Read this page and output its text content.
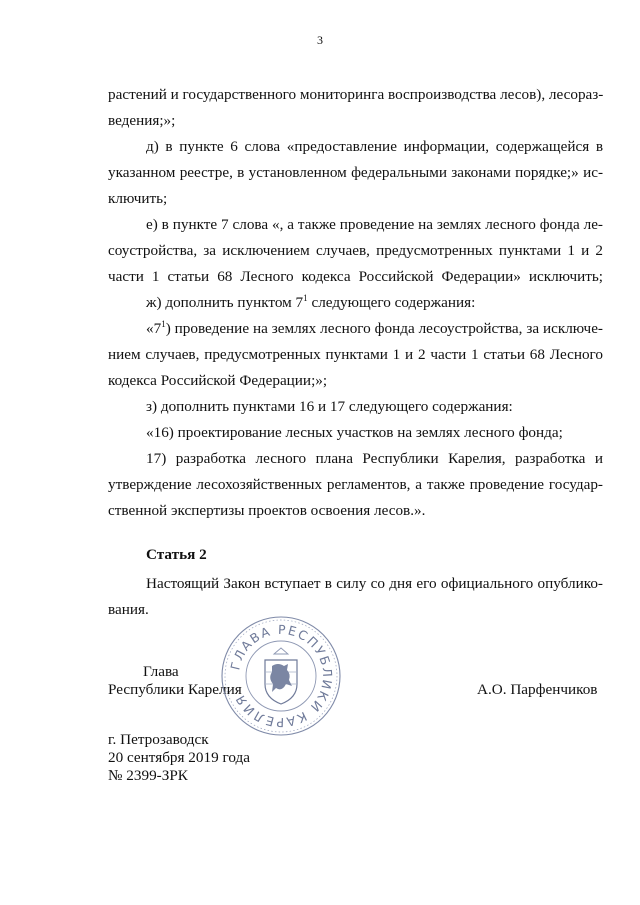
3
растений и государственного мониторинга воспроизводства лесов), лесораз-
ведения;»;
д) в пункте 6 слова «предоставление информации, содержащейся в
указанном реестре, в установленном федеральными законами порядке;» ис-
ключить;
е) в пункте 7 слова «, а также проведение на землях лесного фонда ле-
соустройства, за исключением случаев, предусмотренных пунктами 1 и 2
части 1 статьи 68 Лесного кодекса Российской Федерации» исключить;
ж) дополнить пунктом $7^1$ следующего содержания:
«$7^1$) проведение на землях лесного фонда лесоустройства, за исключе-
нием случаев, предусмотренных пунктами 1 и 2 части 1 статьи 68 Лесного
кодекса Российской Федерации;»;
з) дополнить пунктами 16 и 17 следующего содержания:
«16) проектирование лесных участков на землях лесного фонда;
17) разработка лесного плана Республики Карелия, разработка и
утверждение лесохозяйственных регламентов, а также проведение государ-
ственной экспертизы проектов освоения лесов.».
Статья 2
Настоящий Закон вступает в силу со дня его официального опублико-
вания.
Глава
Республики Карелия	А.О. Парфенчиков
ГЛАВА РЕСПУБЛИКИ КАРЕЛИЯ
г. Петрозаводск
20 сентября 2019 года
№ 2399-ЗРК
